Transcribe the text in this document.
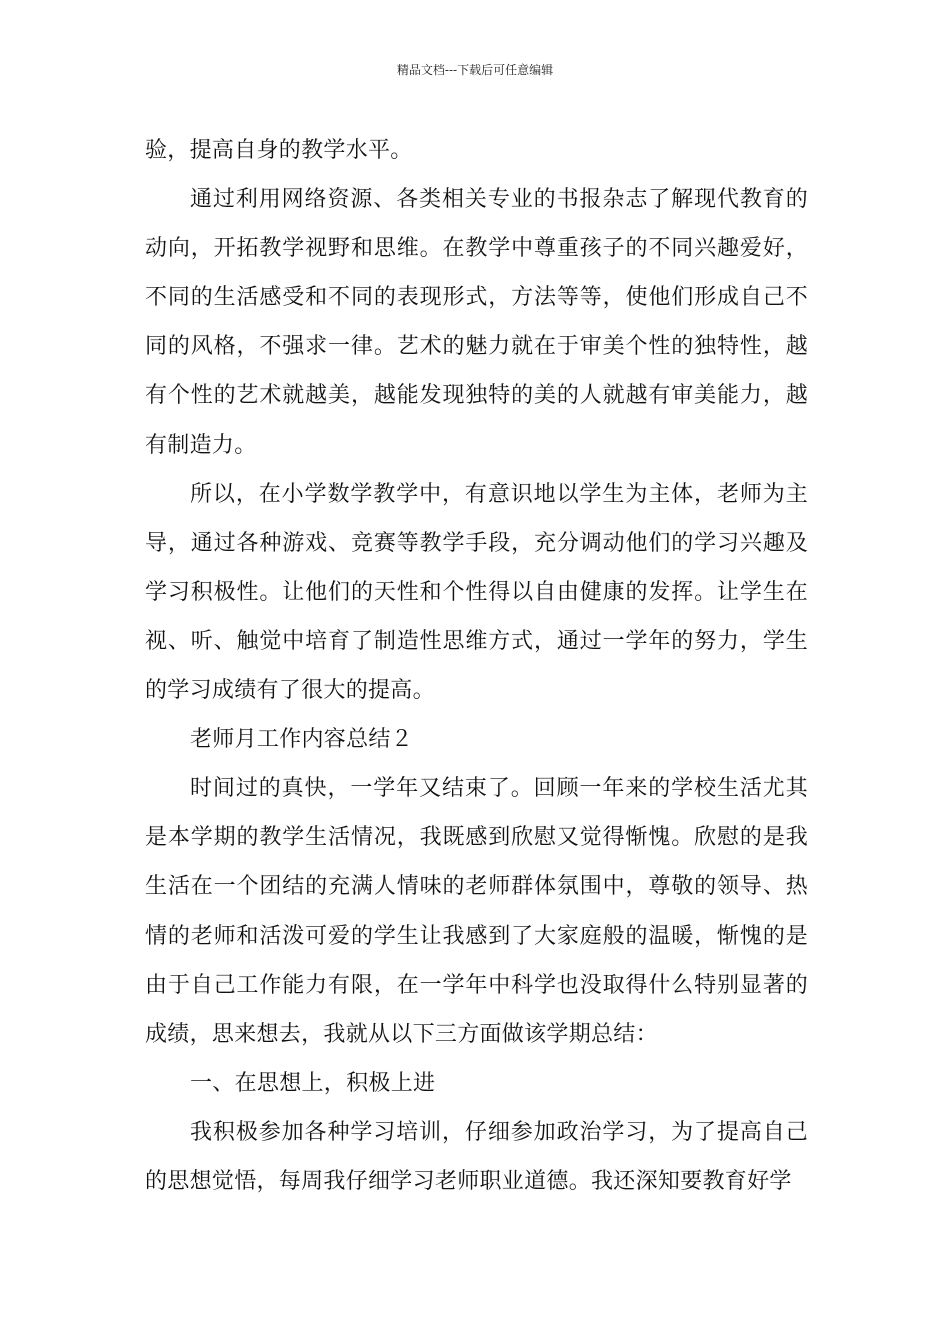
精品文档---下载后可任意编辑

验，提高自身的教学水平。

通过利用网络资源、各类相关专业的书报杂志了解现代教育的动向，开拓教学视野和思维。在教学中尊重孩子的不同兴趣爱好，不同的生活感受和不同的表现形式，方法等等，使他们形成自己不同的风格，不强求一律。艺术的魅力就在于审美个性的独特性，越有个性的艺术就越美，越能发现独特的美的人就越有审美能力，越有制造力。

所以，在小学数学教学中，有意识地以学生为主体，老师为主导，通过各种游戏、竞赛等教学手段，充分调动他们的学习兴趣及学习积极性。让他们的天性和个性得以自由健康的发挥。让学生在视、听、触觉中培育了制造性思维方式，通过一学年的努力，学生的学习成绩有了很大的提高。

老师月工作内容总结２

时间过的真快，一学年又结束了。回顾一年来的学校生活尤其是本学期的教学生活情况，我既感到欣慰又觉得惭愧。欣慰的是我生活在一个团结的充满人情味的老师群体氛围中，尊敬的领导、热情的老师和活泼可爱的学生让我感到了大家庭般的温暖，惭愧的是由于自己工作能力有限，在一学年中科学也没取得什么特别显著的成绩，思来想去，我就从以下三方面做该学期总结：

一、在思想上，积极上进

我积极参加各种学习培训，仔细参加政治学习，为了提高自己的思想觉悟，每周我仔细学习老师职业道德。我还深知要教育好学
